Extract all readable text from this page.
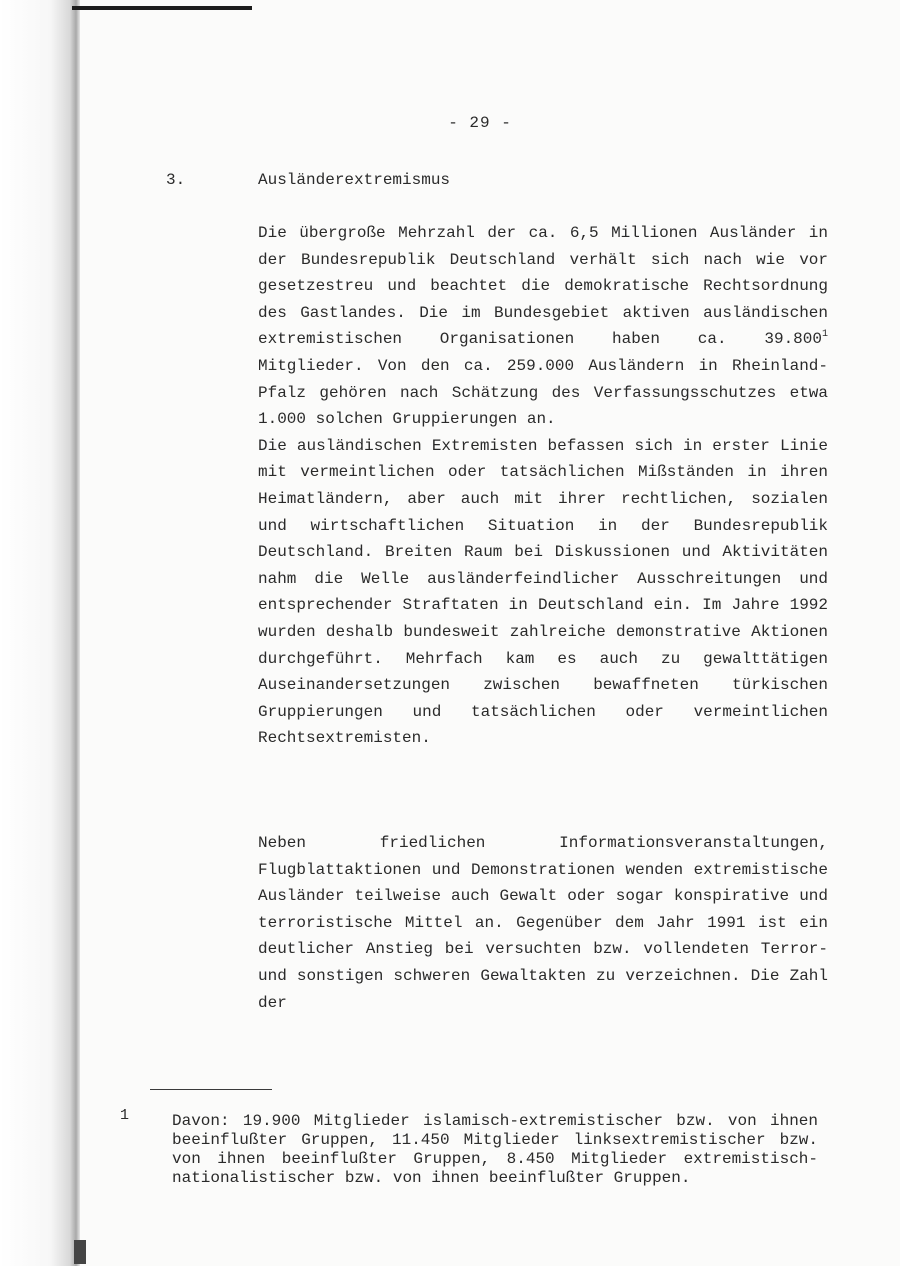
- 29 -
3.	Ausländerextremismus

Die übergroße Mehrzahl der ca. 6,5 Millionen Ausländer in der Bundesrepublik Deutschland verhält sich nach wie vor gesetzestreu und beachtet die demokratische Rechtsordnung des Gastlandes. Die im Bundesgebiet aktiven ausländischen extremistischen Organisationen haben ca. 39.800$^1$ Mitglieder. Von den ca. 259.000 Ausländern in Rheinland-Pfalz gehören nach Schätzung des Verfassungsschutzes etwa 1.000 solchen Gruppierungen an.

Die ausländischen Extremisten befassen sich in erster Linie mit vermeintlichen oder tatsächlichen Mißständen in ihren Heimatländern, aber auch mit ihrer rechtlichen, sozialen und wirtschaftlichen Situation in der Bundesrepublik Deutschland. Breiten Raum bei Diskussionen und Aktivitäten nahm die Welle ausländerfeindlicher Ausschreitungen und entsprechender Straftaten in Deutschland ein. Im Jahre 1992 wurden deshalb bundesweit zahlreiche demonstrative Aktionen durchgeführt. Mehrfach kam es auch zu gewalttätigen Auseinandersetzungen zwischen bewaffneten türkischen Gruppierungen und tatsächlichen oder vermeintlichen Rechtsextremisten.

Neben friedlichen Informationsveranstaltungen, Flugblattaktionen und Demonstrationen wenden extremistische Ausländer teilweise auch Gewalt oder sogar konspirative und terroristische Mittel an. Gegenüber dem Jahr 1991 ist ein deutlicher Anstieg bei versuchten bzw. vollendeten Terror- und sonstigen schweren Gewaltakten zu verzeichnen. Die Zahl der

1	Davon: 19.900 Mitglieder islamisch-extremistischer bzw. von ihnen beeinflußter Gruppen, 11.450 Mitglieder linksextremistischer bzw. von ihnen beeinflußter Gruppen, 8.450 Mitglieder extremistisch-nationalistischer bzw. von ihnen beeinflußter Gruppen.
